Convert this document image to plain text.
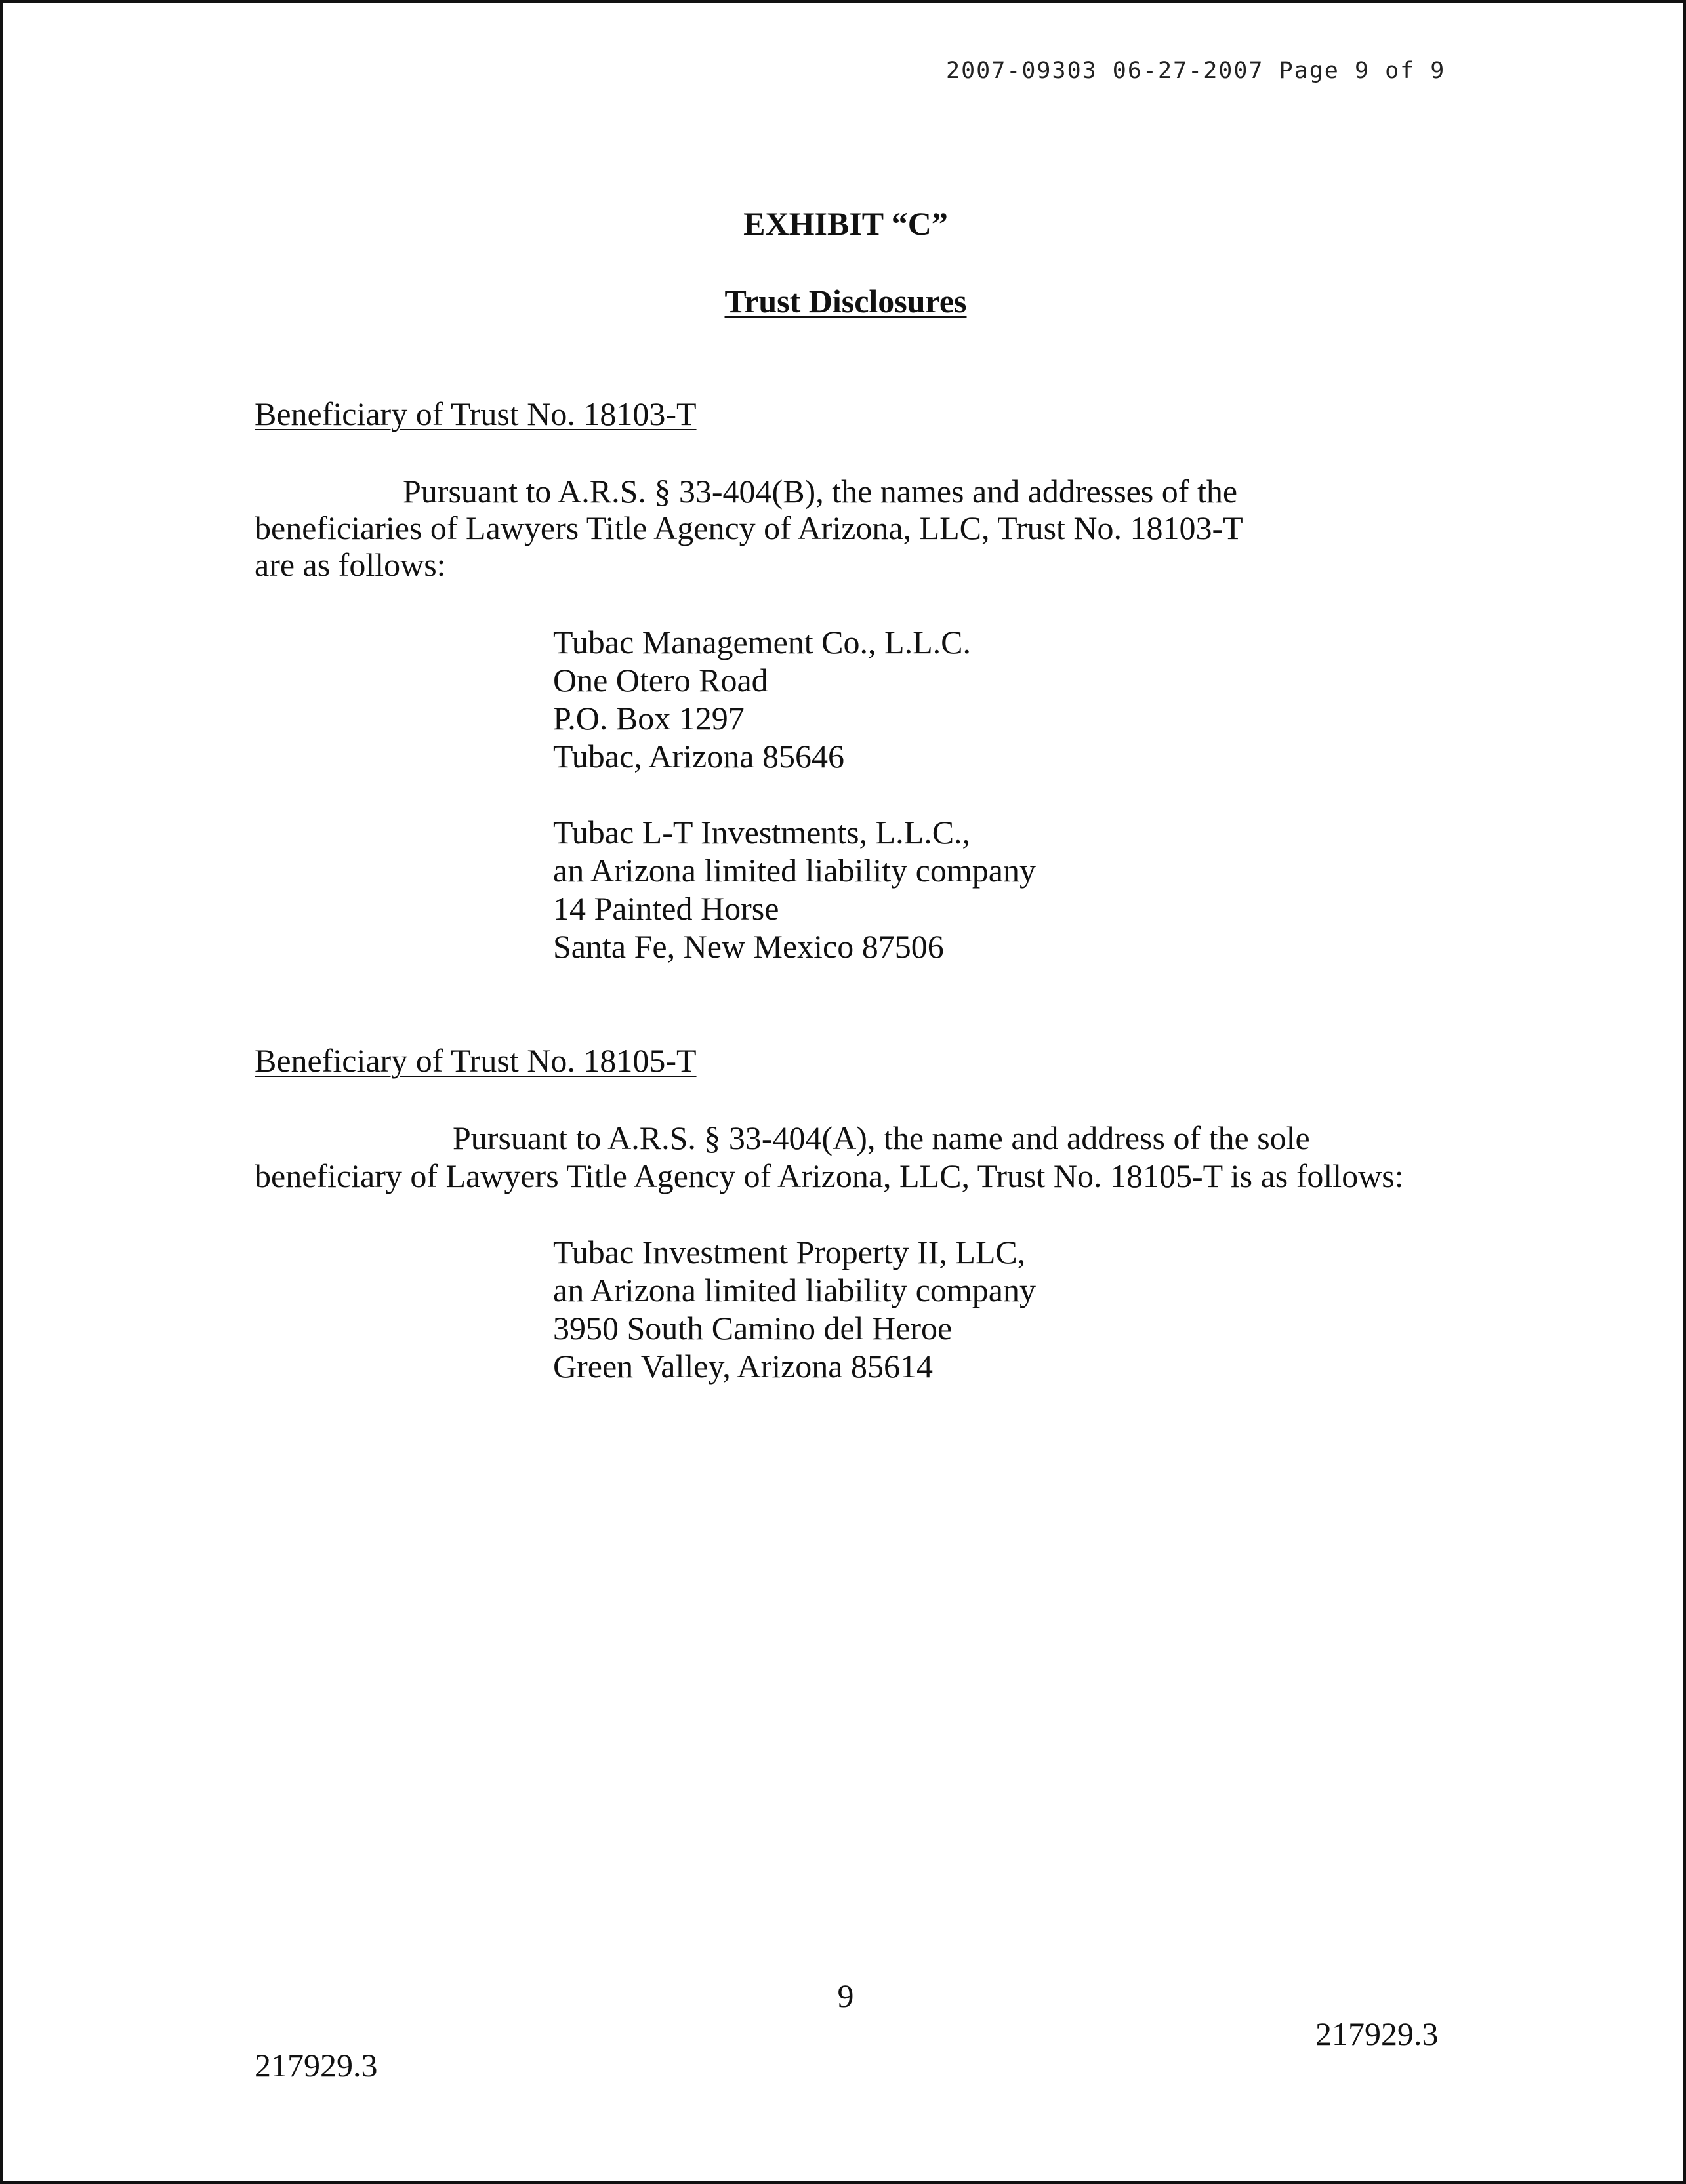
2007-09303 06-27-2007 Page 9 of 9
EXHIBIT “C”
Trust Disclosures
Beneficiary of Trust No. 18103-T
Pursuant to A.R.S. § 33-404(B), the names and addresses of the
beneficiaries of Lawyers Title Agency of Arizona, LLC, Trust No. 18103-T
are as follows:
Tubac Management Co., L.L.C.
One Otero Road
P.O. Box 1297
Tubac, Arizona 85646
Tubac L-T Investments, L.L.C.,
an Arizona limited liability company
14 Painted Horse
Santa Fe, New Mexico 87506
Beneficiary of Trust No. 18105-T
Pursuant to A.R.S. § 33-404(A), the name and address of the sole
beneficiary of Lawyers Title Agency of Arizona, LLC, Trust No. 18105-T is as follows:
Tubac Investment Property II, LLC,
an Arizona limited liability company
3950 South Camino del Heroe
Green Valley, Arizona 85614
9
217929.3
217929.3
